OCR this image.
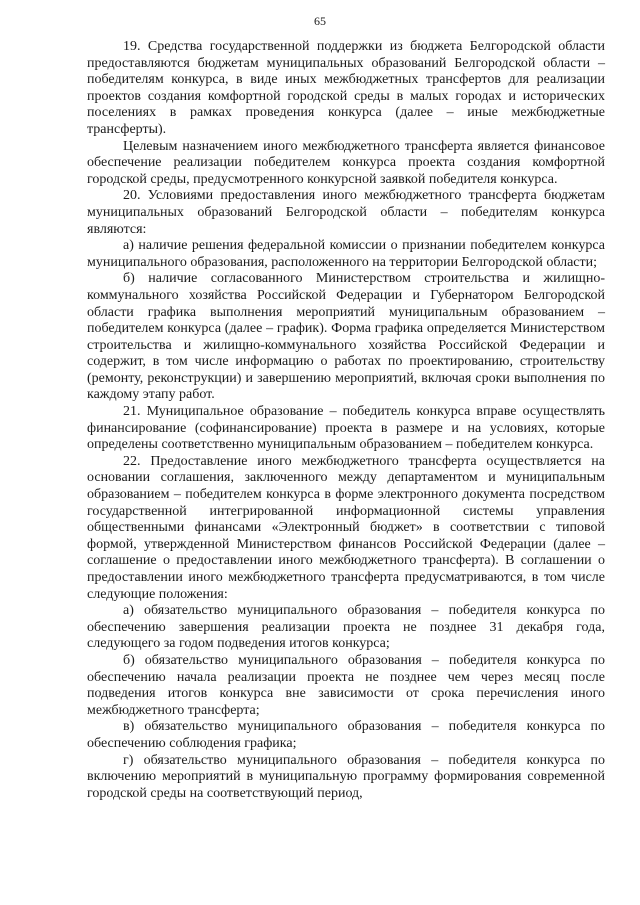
65

19. Средства государственной поддержки из бюджета Белгородской области предоставляются бюджетам муниципальных образований Белгородской области – победителям конкурса, в виде иных межбюджетных трансфертов для реализации проектов создания комфортной городской среды в малых городах и исторических поселениях в рамках проведения конкурса (далее – иные межбюджетные трансферты).

Целевым назначением иного межбюджетного трансферта является финансовое обеспечение реализации победителем конкурса проекта создания комфортной городской среды, предусмотренного конкурсной заявкой победителя конкурса.

20. Условиями предоставления иного межбюджетного трансферта бюджетам муниципальных образований Белгородской области – победителям конкурса являются:

а) наличие решения федеральной комиссии о признании победителем конкурса муниципального образования, расположенного на территории Белгородской области;

б) наличие согласованного Министерством строительства и жилищно-коммунального хозяйства Российской Федерации и Губернатором Белгородской области графика выполнения мероприятий муниципальным образованием – победителем конкурса (далее – график). Форма графика определяется Министерством строительства и жилищно-коммунального хозяйства Российской Федерации и содержит, в том числе информацию о работах по проектированию, строительству (ремонту, реконструкции) и завершению мероприятий, включая сроки выполнения по каждому этапу работ.

21. Муниципальное образование – победитель конкурса вправе осуществлять финансирование (софинансирование) проекта в размере и на условиях, которые определены соответственно муниципальным образованием – победителем конкурса.

22. Предоставление иного межбюджетного трансферта осуществляется на основании соглашения, заключенного между департаментом и муниципальным образованием – победителем конкурса в форме электронного документа посредством государственной интегрированной информационной системы управления общественными финансами «Электронный бюджет» в соответствии с типовой формой, утвержденной Министерством финансов Российской Федерации (далее – соглашение о предоставлении иного межбюджетного трансферта). В соглашении о предоставлении иного межбюджетного трансферта предусматриваются, в том числе следующие положения:

а) обязательство муниципального образования – победителя конкурса по обеспечению завершения реализации проекта не позднее 31 декабря года, следующего за годом подведения итогов конкурса;

б) обязательство муниципального образования – победителя конкурса по обеспечению начала реализации проекта не позднее чем через месяц после подведения итогов конкурса вне зависимости от срока перечисления иного межбюджетного трансферта;

в) обязательство муниципального образования – победителя конкурса по обеспечению соблюдения графика;

г) обязательство муниципального образования – победителя конкурса по включению мероприятий в муниципальную программу формирования современной городской среды на соответствующий период,
